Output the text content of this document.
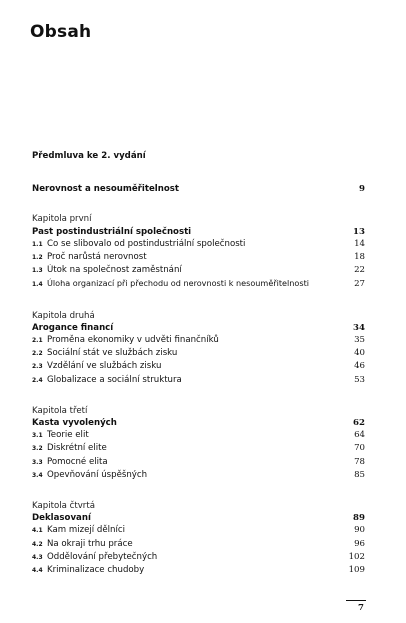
Obsah
Předmluva ke 2. vydání
Nerovnost a nesouměřitelnost	9
Kapitola první
Past postindustriální společnosti	13
1.1 Co se slibovalo od postindustriální společnosti	14
1.2 Proč narůstá nerovnost	18
1.3 Útok na společnost zaměstnání	22
1.4 Úloha organizací při přechodu od nerovnosti k nesouměřitelnosti	27
Kapitola druhá
Arogance financí	34
2.1 Proměna ekonomiky v udvěti finančníků	35
2.2 Sociální stát ve službách zisku	40
2.3 Vzdělání ve službách zisku	46
2.4 Globalizace a sociální struktura	53
Kapitola třetí
Kasta vyvolených	62
3.1 Teorie elit	64
3.2 Diskrétní elite	70
3.3 Pomocné elita	78
3.4 Opevňování úspěšných	85
Kapitola čtvrtá
Deklasovaní	89
4.1 Kam mizejí dělníci	90
4.2 Na okraji trhu práce	96
4.3 Oddělování přebytečných	102
4.4 Kriminalizace chudoby	109
7
